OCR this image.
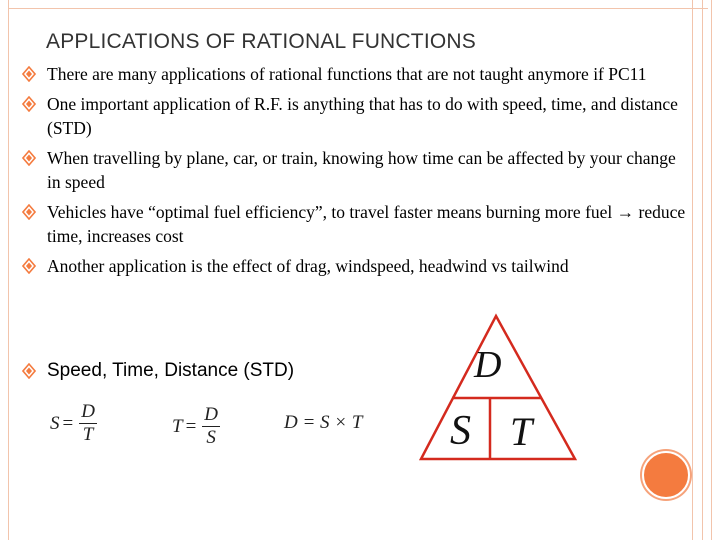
APPLICATIONS OF RATIONAL FUNCTIONS
There are many applications of rational functions that are not taught anymore if PC11
One important application of R.F. is anything that has to do with speed, time, and distance (STD)
When travelling by plane, car, or train, knowing how time can be affected by your change in speed
Vehicles have “optimal fuel efficiency”, to travel faster means burning more fuel → reduce time, increases cost
Another application is the effect of drag, windspeed, headwind vs tailwind
Speed, Time, Distance (STD)
$S = \frac{D}{T}$	$T = \frac{D}{S}$	D = S × T
D
S T
